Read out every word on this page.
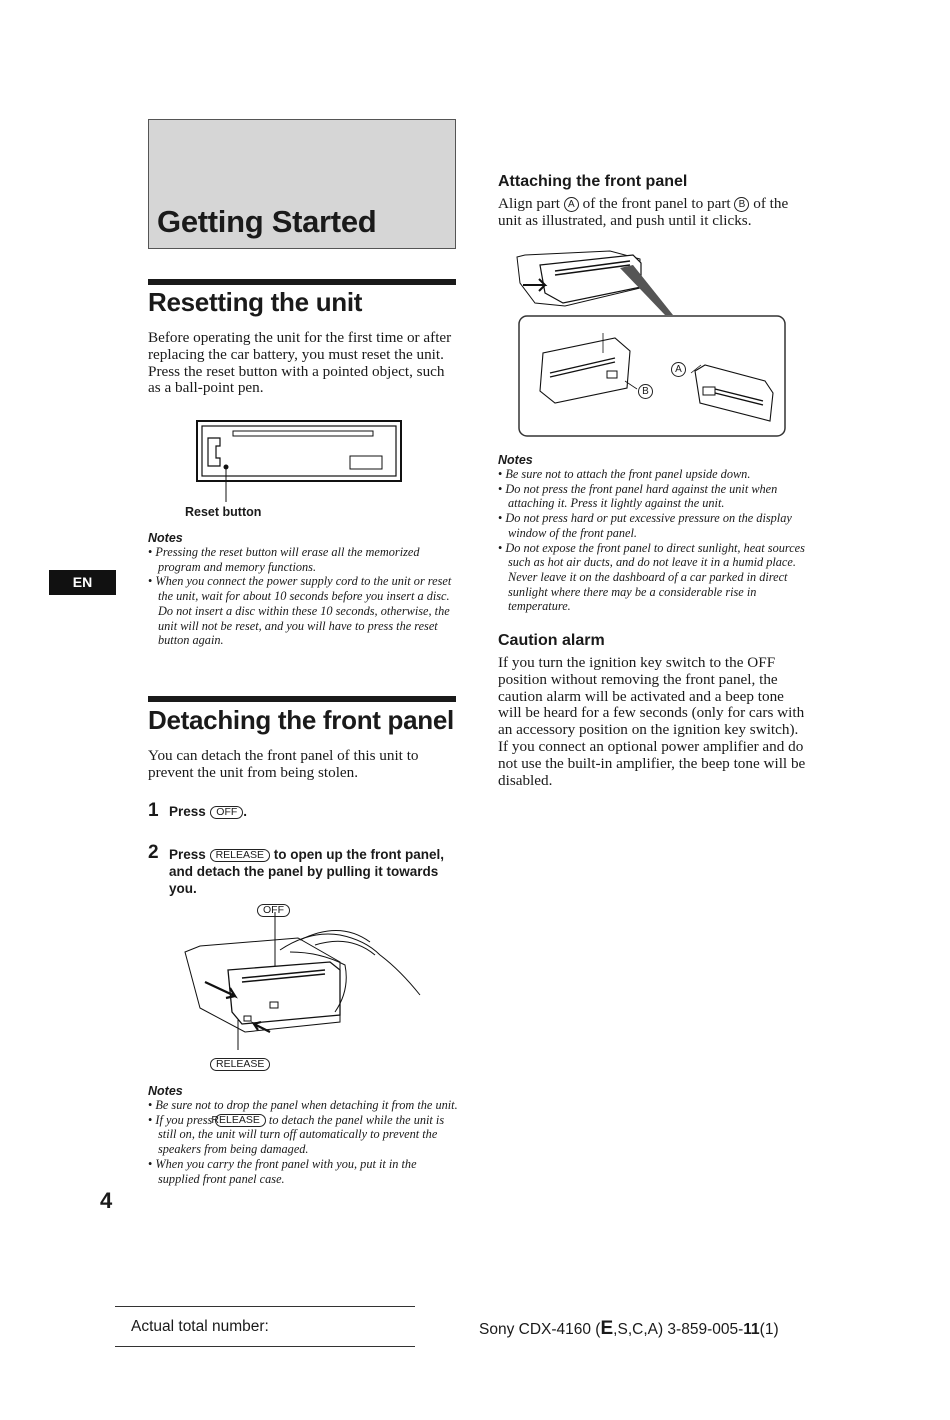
Getting Started
Resetting the unit
Before operating the unit for the first time or after replacing the car battery, you must reset the unit.
Press the reset button with a pointed object, such as a ball-point pen.
Reset button
Notes

• Pressing the reset button will erase all the memorized program and memory functions.

• When you connect the power supply cord to the unit or reset the unit, wait for about 10 seconds before you insert a disc. Do not insert a disc within these 10 seconds, otherwise, the unit will not be reset, and you will have to press the reset button again.

EN
Detaching the front panel
You can detach the front panel of this unit to prevent the unit from being stolen.
1 Press OFF .
2 Press RELEASE to open up the front panel, and detach the panel by pulling it towards you.
OFF
RELEASE
Notes

• Be sure not to drop the panel when detaching it from the unit.

• If you press RELEASE to detach the panel while the unit is still on, the unit will turn off automatically to prevent the speakers from being damaged.

• When you carry the front panel with you, put it in the supplied front panel case.

4
Attaching the front panel
Align part A of the front panel to part B of the unit as illustrated, and push until it clicks.
A
B
Notes

• Be sure not to attach the front panel upside down.

• Do not press the front panel hard against the unit when attaching it. Press it lightly against the unit.

• Do not press hard or put excessive pressure on the display window of the front panel.

• Do not expose the front panel to direct sunlight, heat sources such as hot air ducts, and do not leave it in a humid place. Never leave it on the dashboard of a car parked in direct sunlight where there may be a considerable rise in temperature.

Caution alarm
If you turn the ignition key switch to the OFF position without removing the front panel, the caution alarm will be activated and a beep tone will be heard for a few seconds (only for cars with an accessory position on the ignition key switch). If you connect an optional power amplifier and do not use the built-in amplifier, the beep tone will be disabled.
Actual total number:	Sony CDX-4160 (E,S,C,A) 3-859-005-11(1)
